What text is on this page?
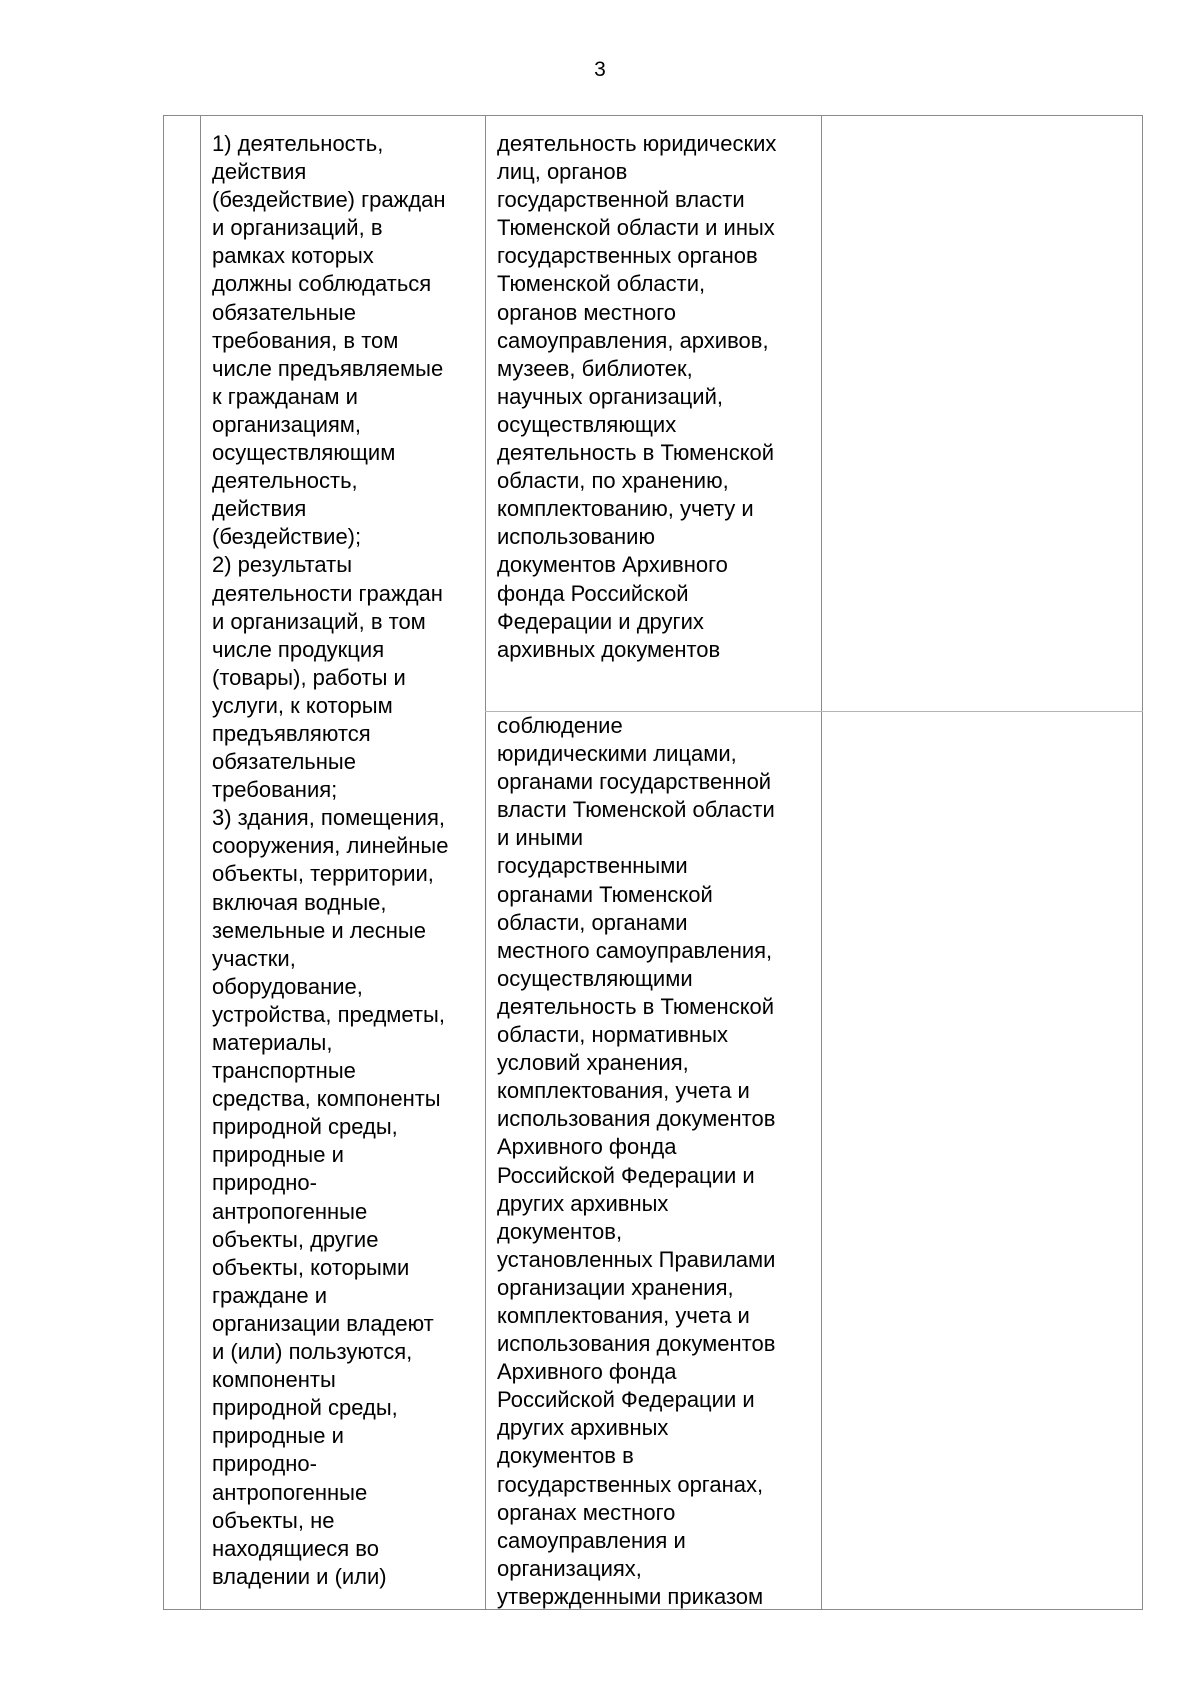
3
1) деятельность,
действия
(бездействие) граждан
и организаций, в
рамках которых
должны соблюдаться
обязательные
требования, в том
числе предъявляемые
к гражданам и
организациям,
осуществляющим
деятельность,
действия
(бездействие);
2) результаты
деятельности граждан
и организаций, в том
числе продукция
(товары), работы и
услуги, к которым
предъявляются
обязательные
требования;
3) здания, помещения,
сооружения, линейные
объекты, территории,
включая водные,
земельные и лесные
участки,
оборудование,
устройства, предметы,
материалы,
транспортные
средства, компоненты
природной среды,
природные и
природно-
антропогенные
объекты, другие
объекты, которыми
граждане и
организации владеют
и (или) пользуются,
компоненты
природной среды,
природные и
природно-
антропогенные
объекты, не
находящиеся во
владении и (или)
деятельность юридических
лиц, органов
государственной власти
Тюменской области и иных
государственных органов
Тюменской области,
органов местного
самоуправления, архивов,
музеев, библиотек,
научных организаций,
осуществляющих
деятельность в Тюменской
области, по хранению,
комплектованию, учету и
использованию
документов Архивного
фонда Российской
Федерации и других
архивных документов
соблюдение
юридическими лицами,
органами государственной
власти Тюменской области
и иными
государственными
органами Тюменской
области, органами
местного самоуправления,
осуществляющими
деятельность в Тюменской
области, нормативных
условий хранения,
комплектования, учета и
использования документов
Архивного фонда
Российской Федерации и
других архивных
документов,
установленных Правилами
организации хранения,
комплектования, учета и
использования документов
Архивного фонда
Российской Федерации и
других архивных
документов в
государственных органах,
органах местного
самоуправления и
организациях,
утвержденными приказом
